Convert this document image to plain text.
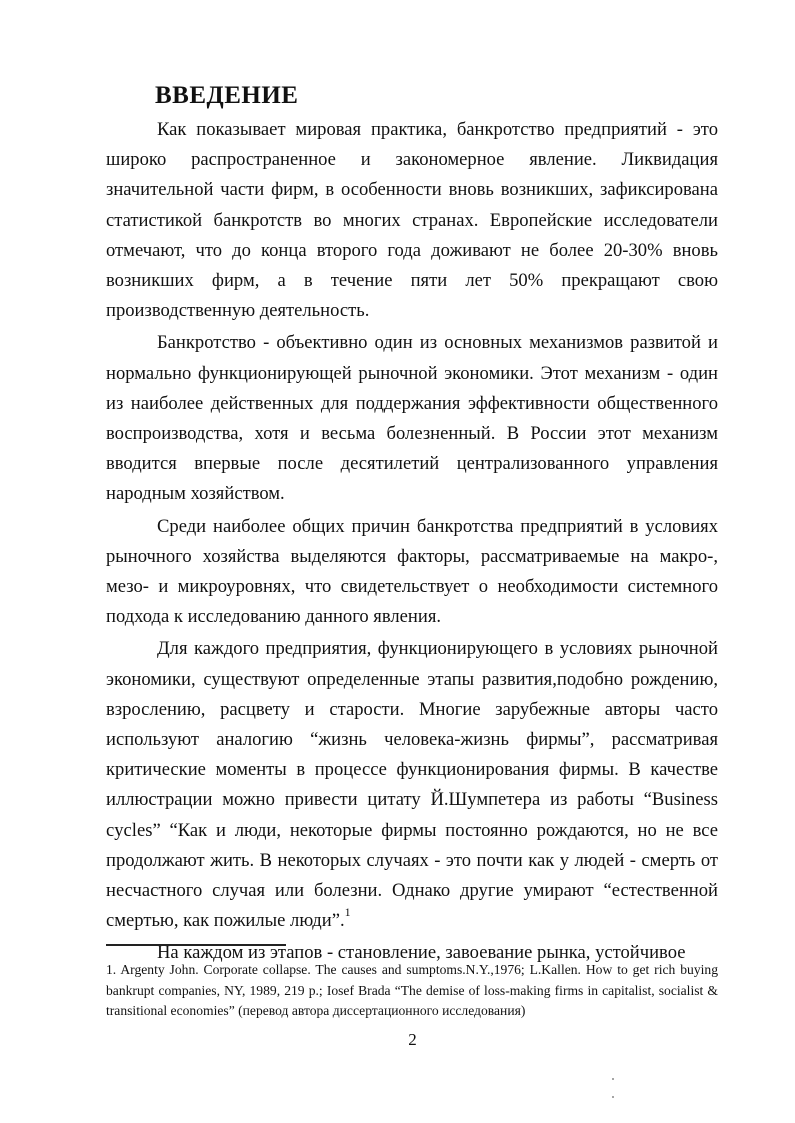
ВВЕДЕНИЕ

Как показывает мировая практика, банкротство предприятий - это широко распространенное и закономерное явление. Ликвидация значительной части фирм, в особенности вновь возникших, зафиксирована статистикой банкротств во многих странах. Европейские исследователи отмечают, что до конца второго года доживают не более 20-30% вновь возникших фирм, а в течение пяти лет 50% прекращают свою производственную деятельность.

Банкротство - объективно один из основных механизмов развитой и нормально функционирующей рыночной экономики. Этот механизм - один из наиболее действенных для поддержания эффективности общественного воспроизводства, хотя и весьма болезненный. В России этот механизм вводится впервые после десятилетий централизованного управления народным хозяйством.

Среди наиболее общих причин банкротства предприятий в условиях рыночного хозяйства выделяются факторы, рассматриваемые на макро-, мезо- и микроуровнях, что свидетельствует о необходимости системного подхода к исследованию данного явления.

Для каждого предприятия, функционирующего в условиях рыночной экономики, существуют определенные этапы развития,подобно рождению, взрослению, расцвету и старости. Многие зарубежные авторы часто используют аналогию “жизнь человека-жизнь фирмы”, рассматривая критические моменты в процессе функционирования фирмы. В качестве иллюстрации можно привести цитату Й.Шумпетера из работы “Business cycles” “Как и люди, некоторые фирмы постоянно рождаются, но не все продолжают жить. В некоторых случаях - это почти как у людей - смерть от несчастного случая или болезни. Однако другие умирают “естественной смертью, как пожилые люди”.$^1$

На каждом из этапов - становление, завоевание рынка, устойчивое

1. Argenty John. Corporate collapse. The causes and sumptoms.N.Y.,1976; L.Kallen. How to get rich buying bankrupt companies, NY, 1989, 219 p.; Iosef Brada “The demise of loss-making firms in capitalist, socialist & transitional economies” (перевод автора диссертационного исследования)

2
